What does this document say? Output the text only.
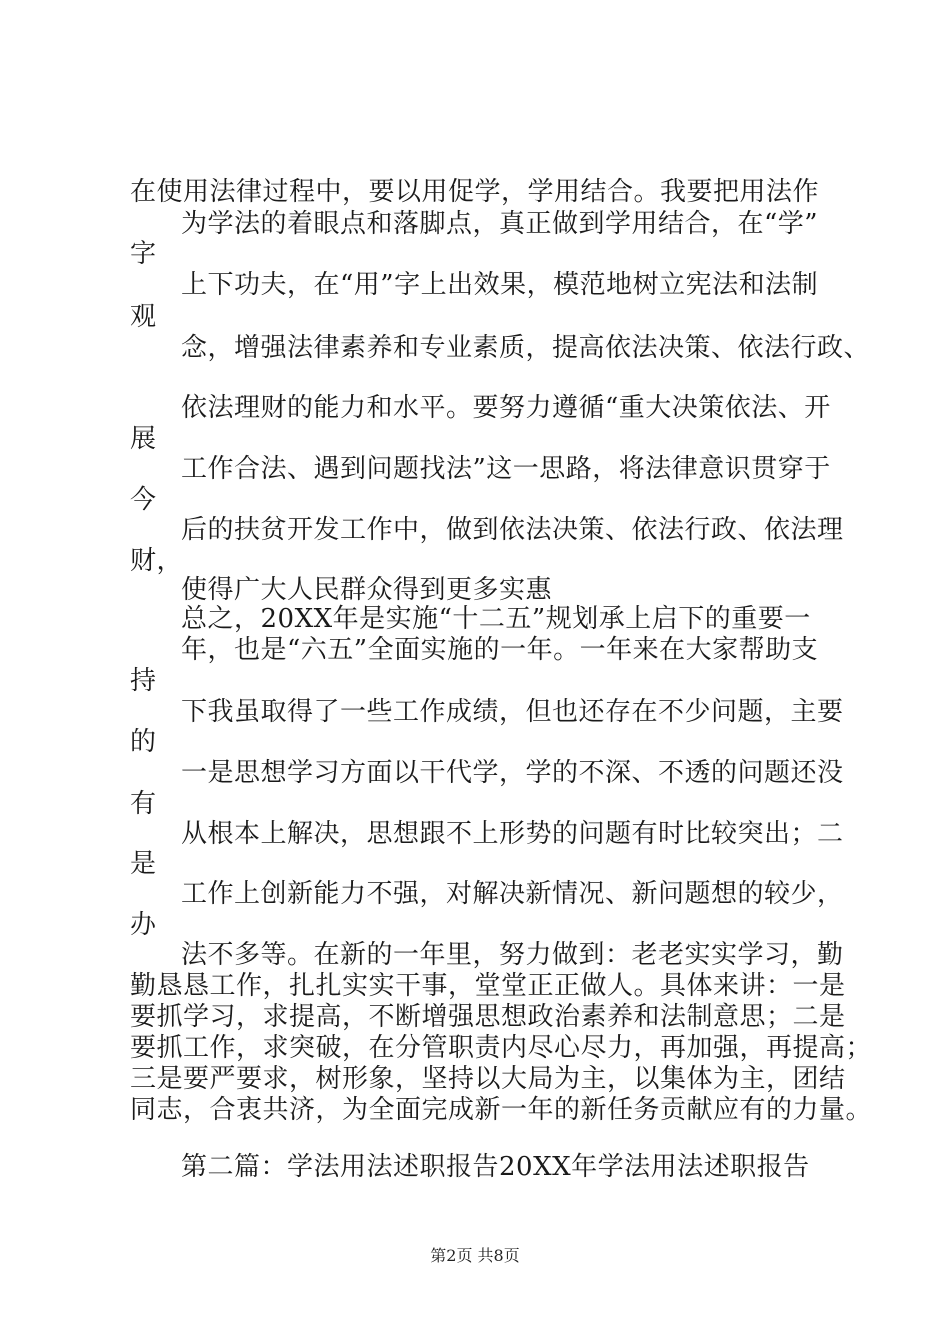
在使用法律过程中，要以用促学，学用结合。我要把用法作
为学法的着眼点和落脚点，真正做到学用结合，在“学”
字
上下功夫，在“用”字上出效果，模范地树立宪法和法制
观
念，增强法律素养和专业素质，提高依法决策、依法行政、
依法理财的能力和水平。要努力遵循“重大决策依法、开
展
工作合法、遇到问题找法”这一思路，将法律意识贯穿于
今
后的扶贫开发工作中，做到依法决策、依法行政、依法理
财，
使得广大人民群众得到更多实惠
总之，20XX年是实施“十二五”规划承上启下的重要一
年，也是“六五”全面实施的一年。一年来在大家帮助支
持
下我虽取得了一些工作成绩，但也还存在不少问题，主要
的
一是思想学习方面以干代学，学的不深、不透的问题还没
有
从根本上解决，思想跟不上形势的问题有时比较突出；二
是
工作上创新能力不强，对解决新情况、新问题想的较少，
办
法不多等。在新的一年里，努力做到：老老实实学习，勤
勤恳恳工作，扎扎实实干事，堂堂正正做人。具体来讲：一是
要抓学习，求提高，不断增强思想政治素养和法制意思；二是
要抓工作，求突破，在分管职责内尽心尽力，再加强，再提高；
三是要严要求，树形象，坚持以大局为主，以集体为主，团结
同志，合衷共济，为全面完成新一年的新任务贡献应有的力量。
第二篇：学法用法述职报告20XX年学法用法述职报告
第2页 共8页
